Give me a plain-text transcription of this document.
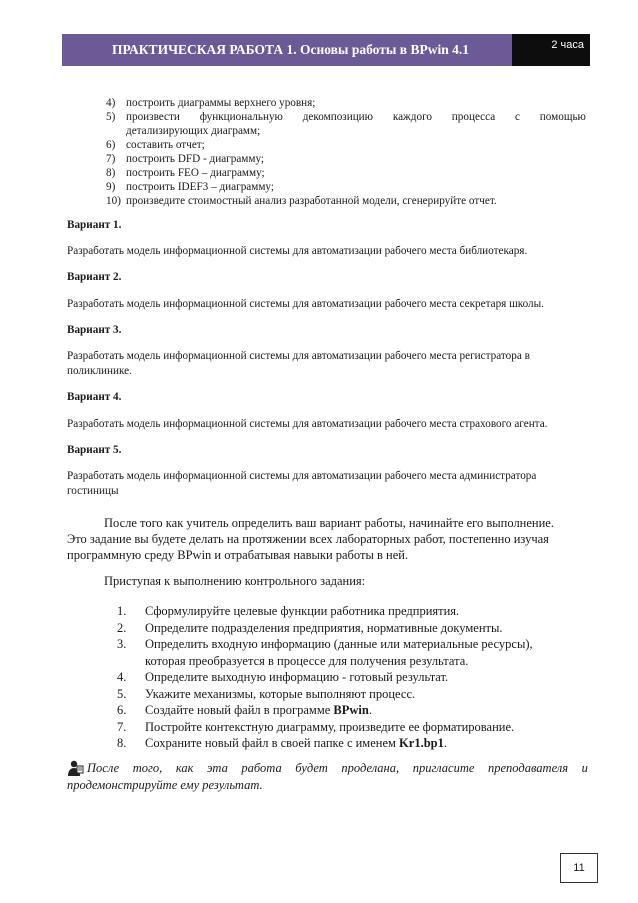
ПРАКТИЧЕСКАЯ РАБОТА 1. Основы работы в BPwin 4.1	2 часа
4) построить диаграммы верхнего уровня;
5) произвести функциональную декомпозицию каждого процесса с помощью
детализирующих диаграмм;
6) составить отчет;
7) построить DFD - диаграмму;
8) построить FEO – диаграмму;
9) построить IDEF3 – диаграмму;
10) произведите стоимостный анализ разработанной модели, сгенерируйте отчет.
Вариант 1.
Разработать модель информационной системы для автоматизации рабочего места библиотекаря.
Вариант 2.
Разработать модель информационной системы для автоматизации рабочего места секретаря школы.
Вариант 3.
Разработать модель информационной системы для автоматизации рабочего места регистратора в
поликлинике.
Вариант 4.
Разработать модель информационной системы для автоматизации рабочего места страхового агента.
Вариант 5.
Разработать модель информационной системы для автоматизации рабочего места администратора
гостиницы
После того как учитель определить ваш вариант работы, начинайте его выполнение.
Это задание вы будете делать на протяжении всех лабораторных работ, постепенно изучая
программную среду BPwin и отрабатывая навыки работы в ней.
Приступая к выполнению контрольного задания:
1.	Сформулируйте целевые функции работника предприятия.
2.	Определите подразделения предприятия, нормативные документы.
3.	Определить входную информацию (данные или материальные ресурсы),
которая преобразуется в процессе для получения результата.
4.	Определите выходную информацию - готовый результат.
5.	Укажите механизмы, которые выполняют процесс.
6.	Создайте новый файл в программе BPwin.
7.	Постройте контекстную диаграмму, произведите ее форматирование.
8.	Сохраните новый файл в своей папке с именем Kr1.bp1.
После того, как эта работа будет проделана, пригласите преподавателя и
продемонстрируйте ему результат.
11
